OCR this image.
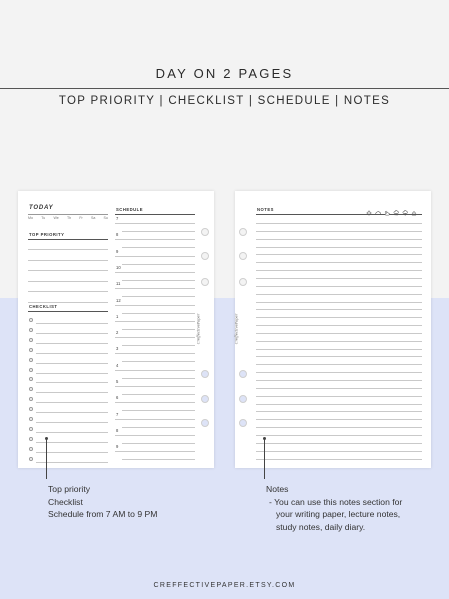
DAY ON 2 PAGES
TOP PRIORITY | CHECKLIST | SCHEDULE | NOTES
TODAY
Mo Tu We Th Fr Sa Su
TOP PRIORITY
CHECKLIST
SCHEDULE
7
8
9
10
11
12
1
2
3
4
5
6
7
8
9
CreffectivePaper
NOTES
CreffectivePaper
Top priority
Checklist
Schedule from 7 AM to 9 PM
Notes
- You can use this notes section for
your writing paper, lecture notes,
study notes, daily diary.
CREFFECTIVEPAPER.ETSY.COM
